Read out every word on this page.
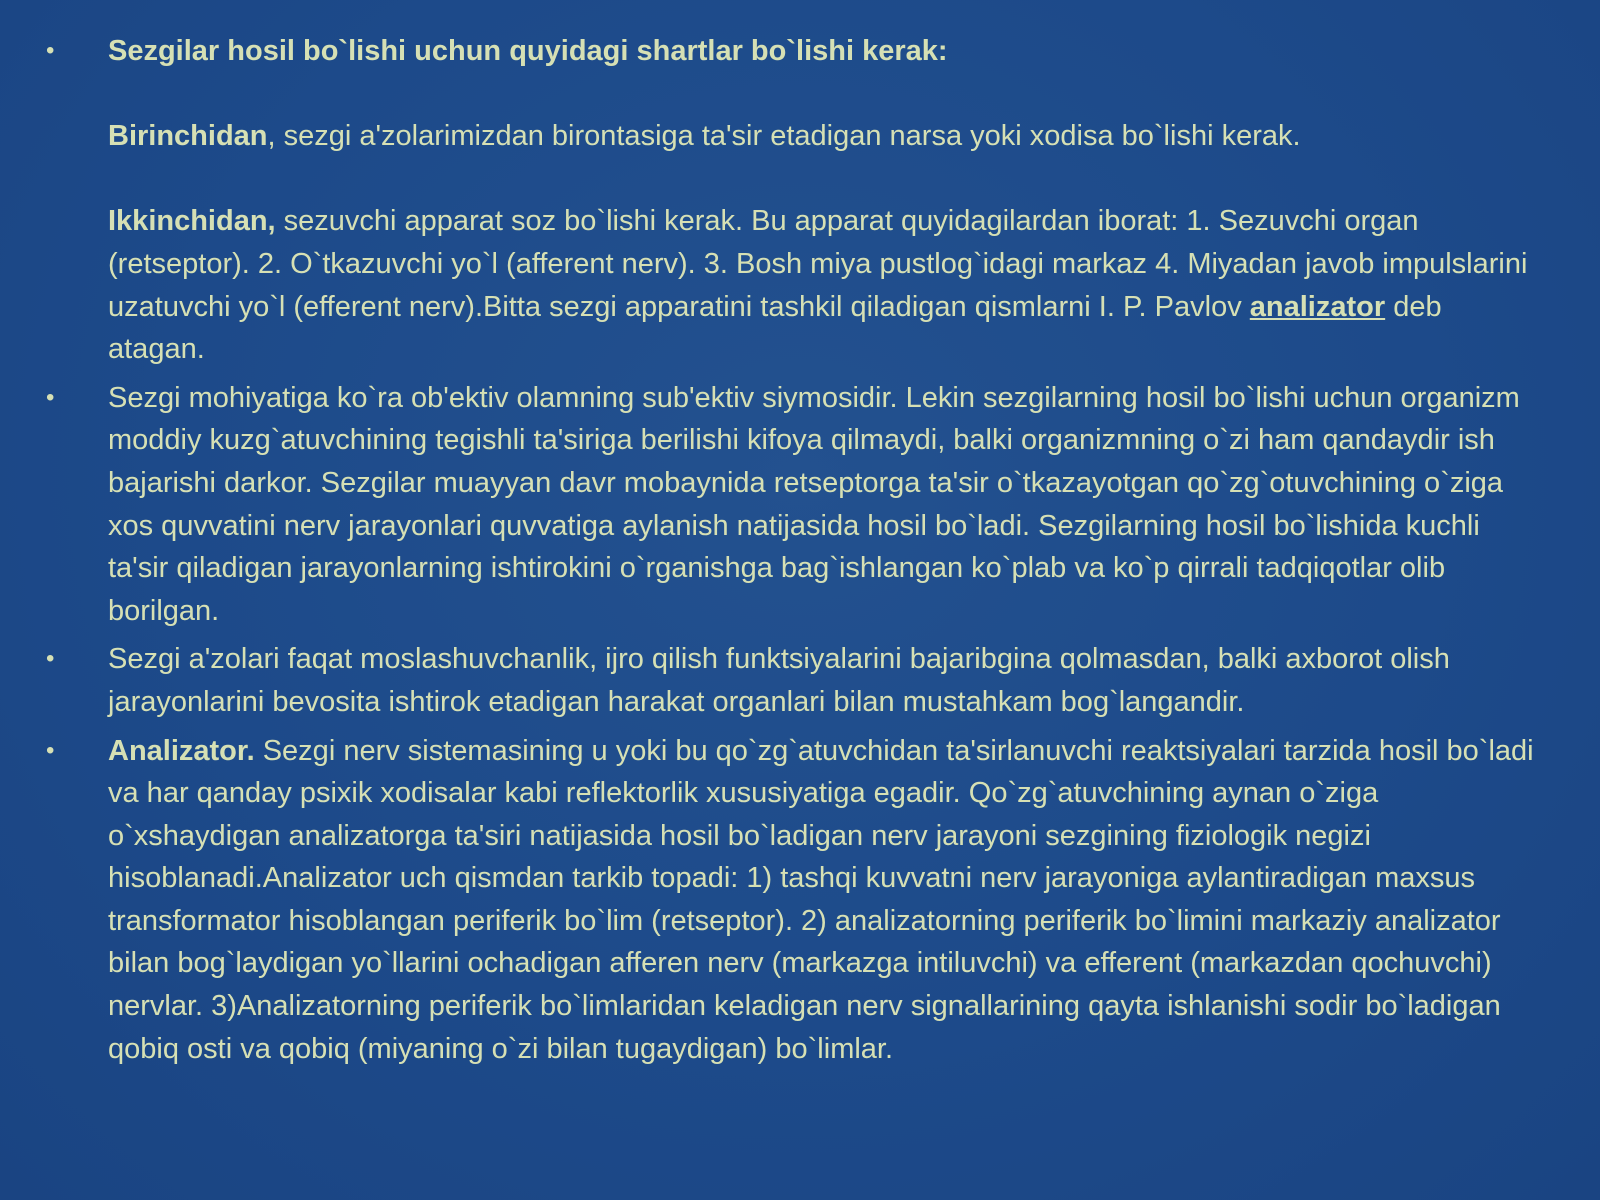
•	Sezgilar hosil bo`lishi uchun quyidagi shartlar bo`lishi kerak:

Birinchidan, sezgi a'zolarimizdan birontasiga ta'sir etadigan narsa yoki xodisa bo`lishi kerak.

Ikkinchidan, sezuvchi apparat soz bo`lishi kerak. Bu apparat quyidagilardan iborat: 1. Sezuvchi organ (retseptor). 2. O`tkazuvchi yo`l (afferent nerv). 3. Bosh miya pustlog`idagi markaz 4. Miyadan javob impulslarini uzatuvchi yo`l (efferent nerv).Bitta sezgi apparatini tashkil qiladigan qismlarni I. P. Pavlov analizator deb atagan.

•	Sezgi mohiyatiga ko`ra ob'ektiv olamning sub'ektiv siymosidir. Lekin sezgilarning hosil bo`lishi uchun organizm moddiy kuzg`atuvchining tegishli ta'siriga berilishi kifoya qilmaydi, balki organizmning o`zi ham qandaydir ish bajarishi darkor. Sezgilar muayyan davr mobaynida retseptorga ta'sir o`tkazayotgan qo`zg`otuvchining o`ziga xos quvvatini nerv jarayonlari quvvatiga aylanish natijasida hosil bo`ladi. Sezgilarning hosil bo`lishida kuchli ta'sir qiladigan jarayonlarning ishtirokini o`rganishga bag`ishlangan ko`plab va ko`p qirrali tadqiqotlar olib borilgan.

•	Sezgi a'zolari faqat moslashuvchanlik, ijro qilish funktsiyalarini bajaribgina qolmasdan, balki axborot olish jarayonlarini bevosita ishtirok etadigan harakat organlari bilan mustahkam bog`langandir.

•	Analizator. Sezgi nerv sistemasining u yoki bu qo`zg`atuvchidan ta'sirlanuvchi reaktsiyalari tarzida hosil bo`ladi va har qanday psixik xodisalar kabi reflektorlik xususiyatiga egadir. Qo`zg`atuvchining aynan o`ziga o`xshaydigan analizatorga ta'siri natijasida hosil bo`ladigan nerv jarayoni sezgining fiziologik negizi hisoblanadi.Analizator uch qismdan tarkib topadi: 1) tashqi kuvvatni nerv jarayoniga aylantiradigan maxsus transformator hisoblangan periferik bo`lim (retseptor). 2) analizatorning periferik bo`limini markaziy analizator bilan bog`laydigan yo`llarini ochadigan afferen nerv (markazga intiluvchi) va efferent (markazdan qochuvchi) nervlar. 3)Analizatorning periferik bo`limlaridan keladigan nerv signallarining qayta ishlanishi sodir bo`ladigan qobiq osti va qobiq (miyaning o`zi bilan tugaydigan) bo`limlar.
